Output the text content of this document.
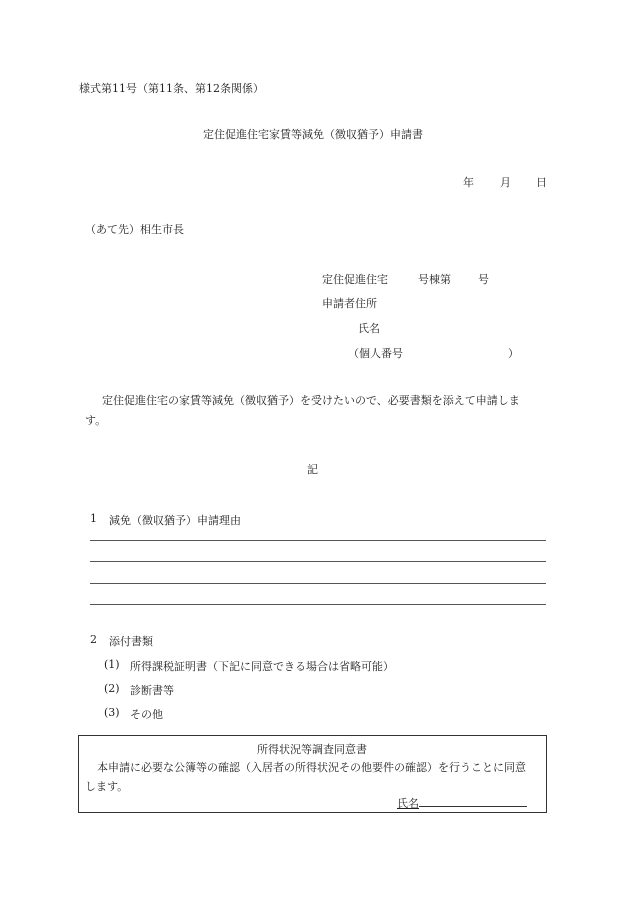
様式第11号（第11条、第12条関係）
定住促進住宅家賃等減免（徴収猶予）申請書
年 月 日
（あて先）相生市長
定住促進住宅	号棟第 号
申請者住所
氏名
（個人番号	）
定住促進住宅の家賃等減免（徴収猶予）を受けたいので、必要書類を添えて申請しま
す。
記
1 減免（徴収猶予）申請理由
2 添付書類
(1) 所得課税証明書（下記に同意できる場合は省略可能）
(2) 診断書等
(3) その他
所得状況等調査同意書
本申請に必要な公簿等の確認（入居者の所得状況その他要件の確認）を行うことに同意
します。
氏名
